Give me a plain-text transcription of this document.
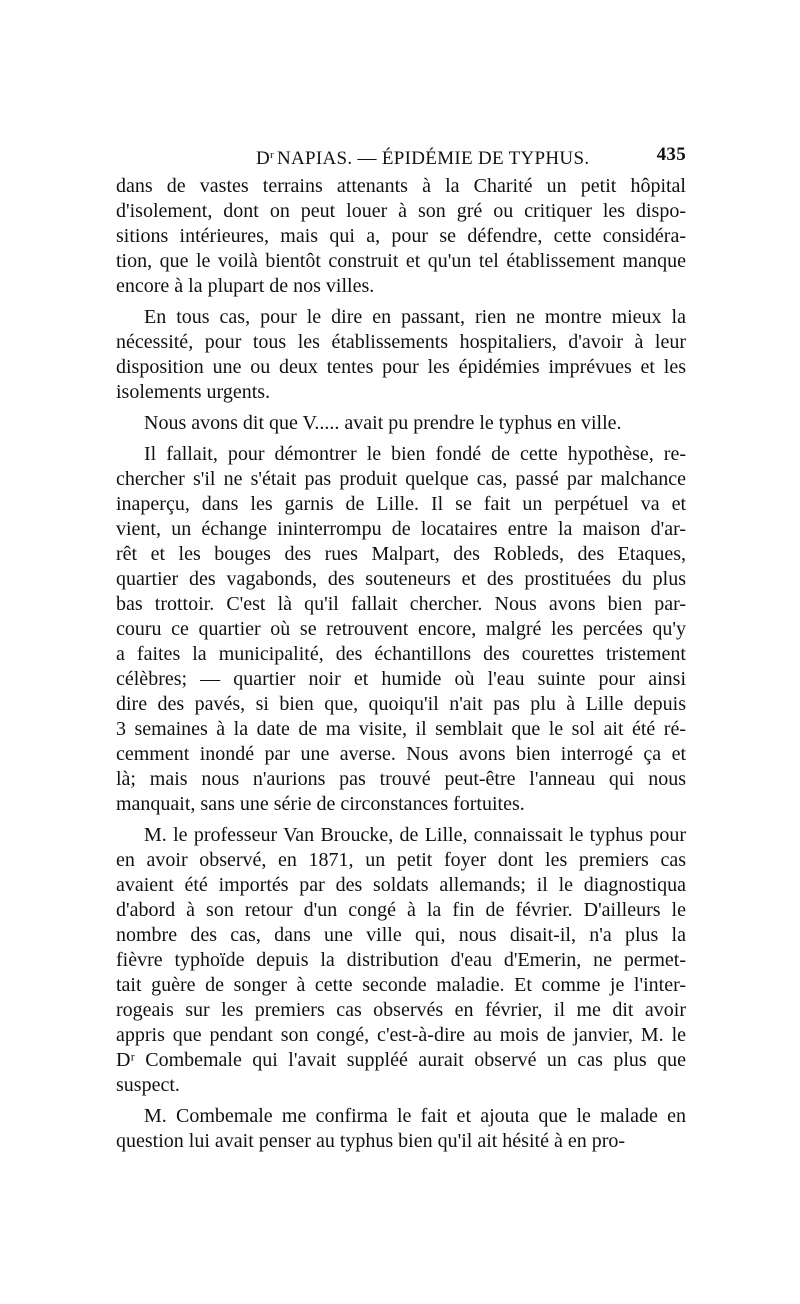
$D^r$ NAPIAS. — ÉPIDÉMIE DE TYPHUS.	435
dans de vastes terrains attenants à la Charité un petit hôpital
d'isolement, dont on peut louer à son gré ou critiquer les dispo-
sitions intérieures, mais qui a, pour se défendre, cette considéra-
tion, que le voilà bientôt construit et qu'un tel établissement manque
encore à la plupart de nos villes.
En tous cas, pour le dire en passant, rien ne montre mieux la
nécessité, pour tous les établissements hospitaliers, d'avoir à leur
disposition une ou deux tentes pour les épidémies imprévues et les
isolements urgents.
Nous avons dit que V..... avait pu prendre le typhus en ville.
Il fallait, pour démontrer le bien fondé de cette hypothèse, re-
chercher s'il ne s'était pas produit quelque cas, passé par malchance
inaperçu, dans les garnis de Lille. Il se fait un perpétuel va et
vient, un échange ininterrompu de locataires entre la maison d'ar-
rêt et les bouges des rues Malpart, des Robleds, des Etaques,
quartier des vagabonds, des souteneurs et des prostituées du plus
bas trottoir. C'est là qu'il fallait chercher. Nous avons bien par-
couru ce quartier où se retrouvent encore, malgré les percées qu'y
a faites la municipalité, des échantillons des courettes tristement
célèbres; — quartier noir et humide où l'eau suinte pour ainsi
dire des pavés, si bien que, quoiqu'il n'ait pas plu à Lille depuis
3 semaines à la date de ma visite, il semblait que le sol ait été ré-
cemment inondé par une averse. Nous avons bien interrogé ça et
là; mais nous n'aurions pas trouvé peut-être l'anneau qui nous
manquait, sans une série de circonstances fortuites.
M. le professeur Van Broucke, de Lille, connaissait le typhus pour
en avoir observé, en 1871, un petit foyer dont les premiers cas
avaient été importés par des soldats allemands; il le diagnostiqua
d'abord à son retour d'un congé à la fin de février. D'ailleurs le
nombre des cas, dans une ville qui, nous disait-il, n'a plus la
fièvre typhoïde depuis la distribution d'eau d'Emerin, ne permet-
tait guère de songer à cette seconde maladie. Et comme je l'inter-
rogeais sur les premiers cas observés en février, il me dit avoir
appris que pendant son congé, c'est-à-dire au mois de janvier, M. le
Dʳ Combemale qui l'avait suppléé aurait observé un cas plus que
suspect.
M. Combemale me confirma le fait et ajouta que le malade en
question lui avait penser au typhus bien qu'il ait hésité à en pro-
